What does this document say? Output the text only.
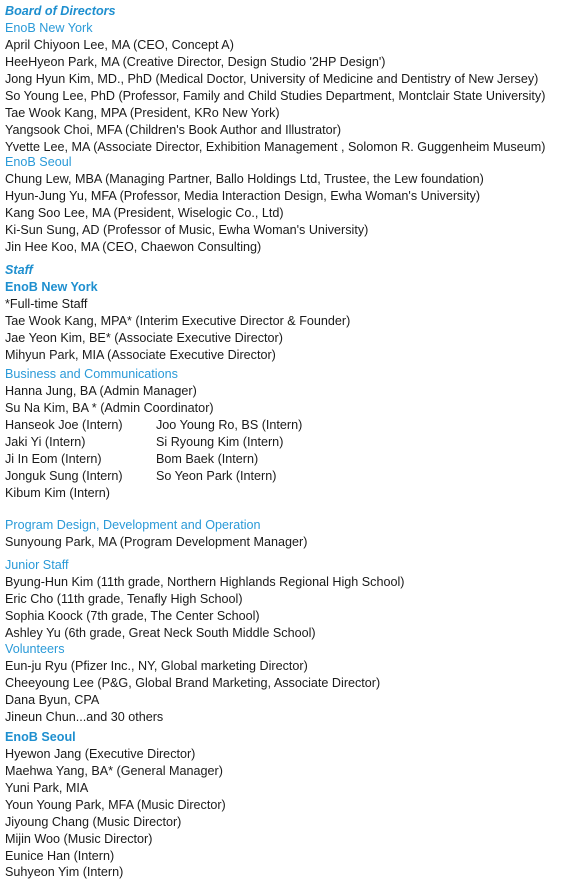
Board of Directors
EnoB New York
April Chiyoon Lee, MA (CEO, Concept A)
HeeHyeon Park, MA (Creative Director, Design Studio '2HP Design')
Jong Hyun Kim, MD., PhD (Medical Doctor, University of Medicine and Dentistry of New Jersey)
So Young Lee, PhD (Professor, Family and Child Studies Department, Montclair State University)
Tae Wook Kang, MPA (President, KRo New York)
Yangsook Choi, MFA (Children's Book Author and Illustrator)
Yvette Lee, MA (Associate Director, Exhibition Management , Solomon R. Guggenheim Museum)
EnoB Seoul
Chung Lew, MBA (Managing Partner, Ballo Holdings Ltd, Trustee, the Lew foundation)
Hyun-Jung Yu, MFA (Professor, Media Interaction Design, Ewha Woman's University)
Kang Soo Lee, MA (President, Wiselogic Co., Ltd)
Ki-Sun Sung, AD (Professor of Music, Ewha Woman's University)
Jin Hee Koo, MA (CEO, Chaewon Consulting)
Staff
EnoB New York
*Full-time Staff
Tae Wook Kang, MPA* (Interim Executive Director & Founder)
Jae Yeon Kim, BE* (Associate Executive Director)
Mihyun Park, MIA (Associate Executive Director)
Business and Communications
Hanna Jung, BA (Admin Manager)
Su Na Kim, BA * (Admin Coordinator)
Hanseok Joe (Intern)	Joo Young Ro, BS (Intern)
Jaki Yi (Intern)	Si Ryoung Kim (Intern)
Ji In Eom (Intern)	Bom Baek (Intern)
Jonguk Sung (Intern)	So Yeon Park (Intern)
Kibum Kim (Intern)
Program Design, Development and Operation
Sunyoung Park, MA (Program Development Manager)
Junior Staff
Byung-Hun Kim (11th grade, Northern Highlands Regional High School)
Eric Cho (11th grade, Tenafly High School)
Sophia Koock (7th grade, The Center School)
Ashley Yu (6th grade, Great Neck South Middle School)
Volunteers
Eun-ju Ryu (Pfizer Inc., NY, Global marketing Director)
Cheeyoung Lee (P&G, Global Brand Marketing, Associate Director)
Dana Byun, CPA
Jineun Chun...and 30 others
EnoB Seoul
Hyewon Jang (Executive Director)
Maehwa Yang, BA* (General Manager)
Yuni Park, MIA
Youn Young Park, MFA (Music Director)
Jiyoung Chang (Music Director)
Mijin Woo (Music Director)
Eunice Han (Intern)
Suhyeon Yim (Intern)
